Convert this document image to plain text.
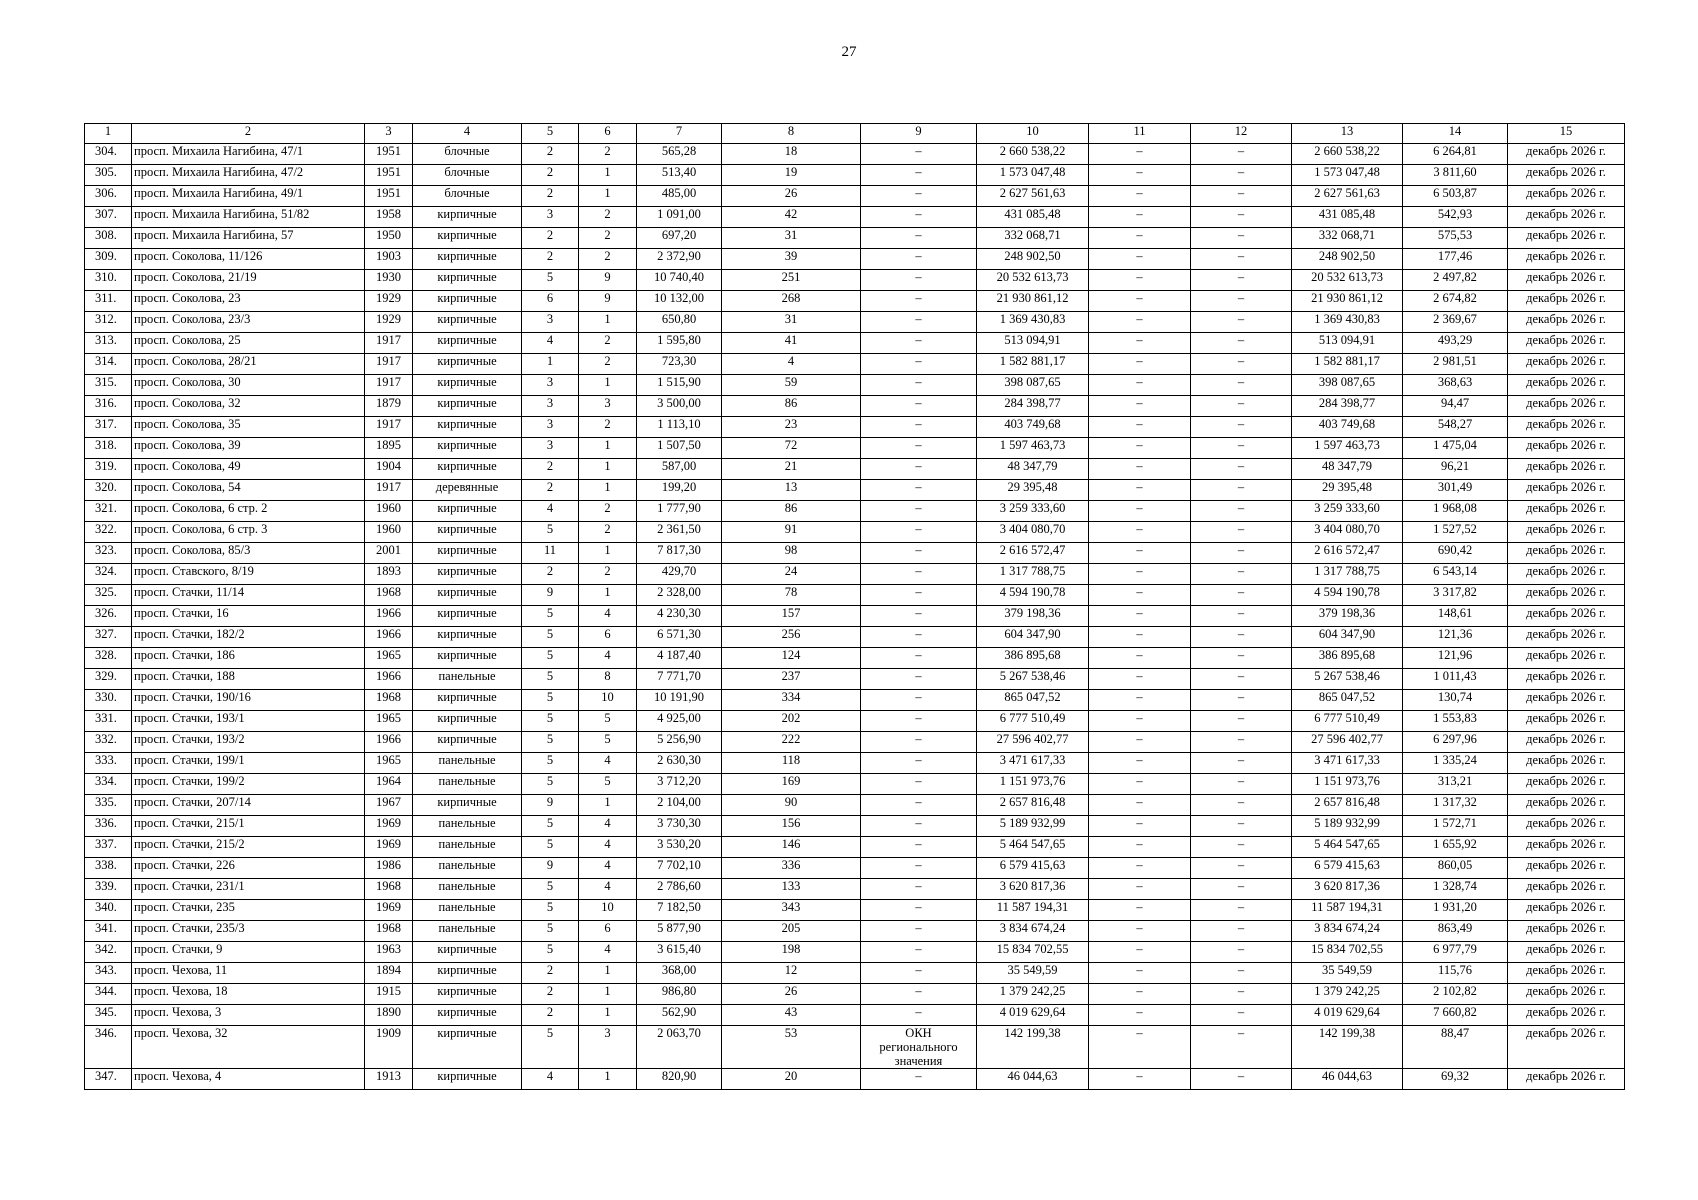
27
1	2	3	4	5	6	7	8	9	10	11	12	13	14	15
304.	просп. Михаила Нагибина, 47/1	1951	блочные	2	2	565,28	18	–	2 660 538,22	–	–	2 660 538,22	6 264,81	декабрь 2026 г.
305.	просп. Михаила Нагибина, 47/2	1951	блочные	2	1	513,40	19	–	1 573 047,48	–	–	1 573 047,48	3 811,60	декабрь 2026 г.
306.	просп. Михаила Нагибина, 49/1	1951	блочные	2	1	485,00	26	–	2 627 561,63	–	–	2 627 561,63	6 503,87	декабрь 2026 г.
307.	просп. Михаила Нагибина, 51/82	1958	кирпичные	3	2	1 091,00	42	–	431 085,48	–	–	431 085,48	542,93	декабрь 2026 г.
308.	просп. Михаила Нагибина, 57	1950	кирпичные	2	2	697,20	31	–	332 068,71	–	–	332 068,71	575,53	декабрь 2026 г.
309.	просп. Соколова, 11/126	1903	кирпичные	2	2	2 372,90	39	–	248 902,50	–	–	248 902,50	177,46	декабрь 2026 г.
310.	просп. Соколова, 21/19	1930	кирпичные	5	9	10 740,40	251	–	20 532 613,73	–	–	20 532 613,73	2 497,82	декабрь 2026 г.
311.	просп. Соколова, 23	1929	кирпичные	6	9	10 132,00	268	–	21 930 861,12	–	–	21 930 861,12	2 674,82	декабрь 2026 г.
312.	просп. Соколова, 23/3	1929	кирпичные	3	1	650,80	31	–	1 369 430,83	–	–	1 369 430,83	2 369,67	декабрь 2026 г.
313.	просп. Соколова, 25	1917	кирпичные	4	2	1 595,80	41	–	513 094,91	–	–	513 094,91	493,29	декабрь 2026 г.
314.	просп. Соколова, 28/21	1917	кирпичные	1	2	723,30	4	–	1 582 881,17	–	–	1 582 881,17	2 981,51	декабрь 2026 г.
315.	просп. Соколова, 30	1917	кирпичные	3	1	1 515,90	59	–	398 087,65	–	–	398 087,65	368,63	декабрь 2026 г.
316.	просп. Соколова, 32	1879	кирпичные	3	3	3 500,00	86	–	284 398,77	–	–	284 398,77	94,47	декабрь 2026 г.
317.	просп. Соколова, 35	1917	кирпичные	3	2	1 113,10	23	–	403 749,68	–	–	403 749,68	548,27	декабрь 2026 г.
318.	просп. Соколова, 39	1895	кирпичные	3	1	1 507,50	72	–	1 597 463,73	–	–	1 597 463,73	1 475,04	декабрь 2026 г.
319.	просп. Соколова, 49	1904	кирпичные	2	1	587,00	21	–	48 347,79	–	–	48 347,79	96,21	декабрь 2026 г.
320.	просп. Соколова, 54	1917	деревянные	2	1	199,20	13	–	29 395,48	–	–	29 395,48	301,49	декабрь 2026 г.
321.	просп. Соколова, 6 стр. 2	1960	кирпичные	4	2	1 777,90	86	–	3 259 333,60	–	–	3 259 333,60	1 968,08	декабрь 2026 г.
322.	просп. Соколова, 6 стр. 3	1960	кирпичные	5	2	2 361,50	91	–	3 404 080,70	–	–	3 404 080,70	1 527,52	декабрь 2026 г.
323.	просп. Соколова, 85/3	2001	кирпичные	11	1	7 817,30	98	–	2 616 572,47	–	–	2 616 572,47	690,42	декабрь 2026 г.
324.	просп. Ставского, 8/19	1893	кирпичные	2	2	429,70	24	–	1 317 788,75	–	–	1 317 788,75	6 543,14	декабрь 2026 г.
325.	просп. Стачки, 11/14	1968	кирпичные	9	1	2 328,00	78	–	4 594 190,78	–	–	4 594 190,78	3 317,82	декабрь 2026 г.
326.	просп. Стачки, 16	1966	кирпичные	5	4	4 230,30	157	–	379 198,36	–	–	379 198,36	148,61	декабрь 2026 г.
327.	просп. Стачки, 182/2	1966	кирпичные	5	6	6 571,30	256	–	604 347,90	–	–	604 347,90	121,36	декабрь 2026 г.
328.	просп. Стачки, 186	1965	кирпичные	5	4	4 187,40	124	–	386 895,68	–	–	386 895,68	121,96	декабрь 2026 г.
329.	просп. Стачки, 188	1966	панельные	5	8	7 771,70	237	–	5 267 538,46	–	–	5 267 538,46	1 011,43	декабрь 2026 г.
330.	просп. Стачки, 190/16	1968	кирпичные	5	10	10 191,90	334	–	865 047,52	–	–	865 047,52	130,74	декабрь 2026 г.
331.	просп. Стачки, 193/1	1965	кирпичные	5	5	4 925,00	202	–	6 777 510,49	–	–	6 777 510,49	1 553,83	декабрь 2026 г.
332.	просп. Стачки, 193/2	1966	кирпичные	5	5	5 256,90	222	–	27 596 402,77	–	–	27 596 402,77	6 297,96	декабрь 2026 г.
333.	просп. Стачки, 199/1	1965	панельные	5	4	2 630,30	118	–	3 471 617,33	–	–	3 471 617,33	1 335,24	декабрь 2026 г.
334.	просп. Стачки, 199/2	1964	панельные	5	5	3 712,20	169	–	1 151 973,76	–	–	1 151 973,76	313,21	декабрь 2026 г.
335.	просп. Стачки, 207/14	1967	кирпичные	9	1	2 104,00	90	–	2 657 816,48	–	–	2 657 816,48	1 317,32	декабрь 2026 г.
336.	просп. Стачки, 215/1	1969	панельные	5	4	3 730,30	156	–	5 189 932,99	–	–	5 189 932,99	1 572,71	декабрь 2026 г.
337.	просп. Стачки, 215/2	1969	панельные	5	4	3 530,20	146	–	5 464 547,65	–	–	5 464 547,65	1 655,92	декабрь 2026 г.
338.	просп. Стачки, 226	1986	панельные	9	4	7 702,10	336	–	6 579 415,63	–	–	6 579 415,63	860,05	декабрь 2026 г.
339.	просп. Стачки, 231/1	1968	панельные	5	4	2 786,60	133	–	3 620 817,36	–	–	3 620 817,36	1 328,74	декабрь 2026 г.
340.	просп. Стачки, 235	1969	панельные	5	10	7 182,50	343	–	11 587 194,31	–	–	11 587 194,31	1 931,20	декабрь 2026 г.
341.	просп. Стачки, 235/3	1968	панельные	5	6	5 877,90	205	–	3 834 674,24	–	–	3 834 674,24	863,49	декабрь 2026 г.
342.	просп. Стачки, 9	1963	кирпичные	5	4	3 615,40	198	–	15 834 702,55	–	–	15 834 702,55	6 977,79	декабрь 2026 г.
343.	просп. Чехова, 11	1894	кирпичные	2	1	368,00	12	–	35 549,59	–	–	35 549,59	115,76	декабрь 2026 г.
344.	просп. Чехова, 18	1915	кирпичные	2	1	986,80	26	–	1 379 242,25	–	–	1 379 242,25	2 102,82	декабрь 2026 г.
345.	просп. Чехова, 3	1890	кирпичные	2	1	562,90	43	–	4 019 629,64	–	–	4 019 629,64	7 660,82	декабрь 2026 г.
346.	просп. Чехова, 32	1909	кирпичные	5	3	2 063,70	53	ОКН
регионального
значения	142 199,38	–	–	142 199,38	88,47	декабрь 2026 г.
347.	просп. Чехова, 4	1913	кирпичные	4	1	820,90	20	–	46 044,63	–	–	46 044,63	69,32	декабрь 2026 г.
